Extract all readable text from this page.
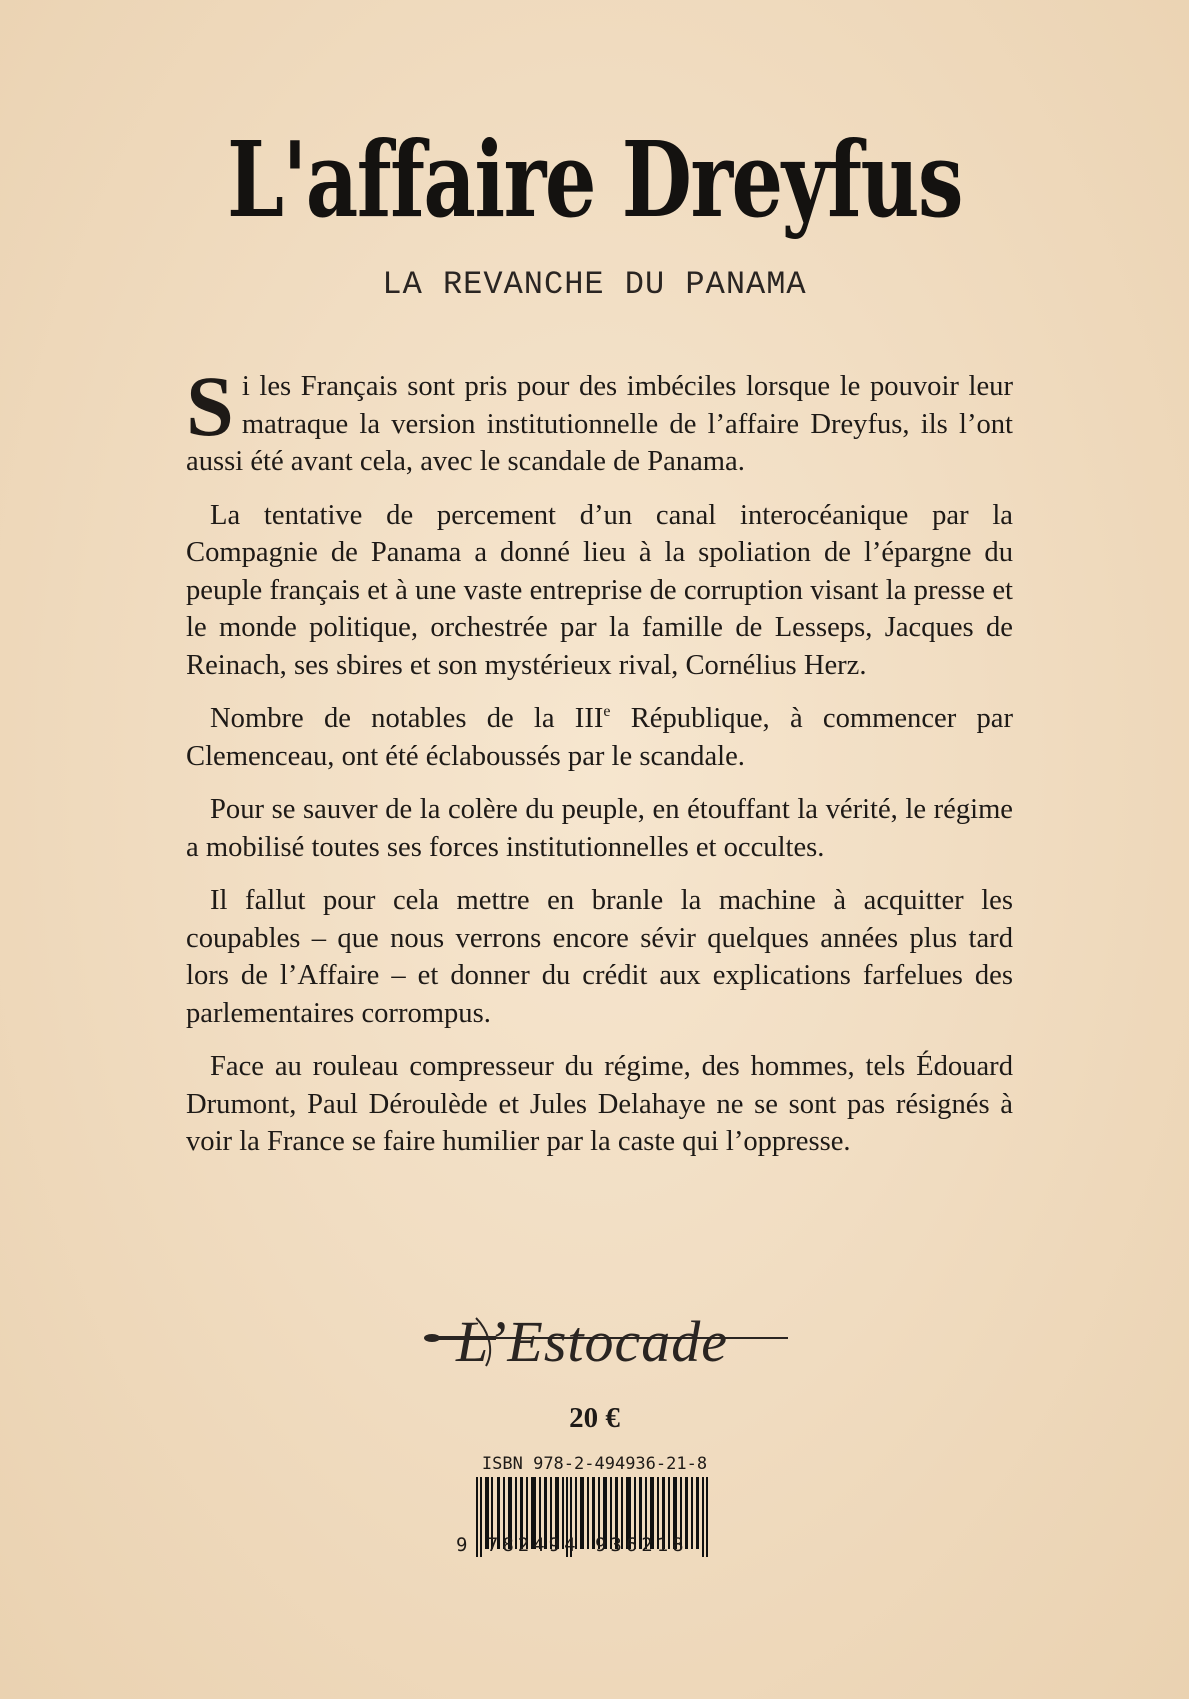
L'affaire Dreyfus
LA REVANCHE DU PANAMA

Si les Français sont pris pour des imbéciles lorsque le pouvoir leur matraque la version institutionnelle de l’affaire Dreyfus, ils l’ont aussi été avant cela, avec le scandale de Panama.

La tentative de percement d’un canal interocéanique par la Compagnie de Panama a donné lieu à la spoliation de l’épargne du peuple français et à une vaste entreprise de corruption visant la presse et le monde politique, orchestrée par la famille de Lesseps, Jacques de Reinach, ses sbires et son mystérieux rival, Cornélius Herz.

Nombre de notables de la IIIe République, à commencer par Clemenceau, ont été éclaboussés par le scandale.

Pour se sauver de la colère du peuple, en étouffant la vérité, le régime a mobilisé toutes ses forces institutionnelles et occultes.

Il fallut pour cela mettre en branle la machine à acquitter les coupables – que nous verrons encore sévir quelques années plus tard lors de l’Affaire – et donner du crédit aux explications farfelues des parlementaires corrompus.

Face au rouleau compresseur du régime, des hommes, tels Édouard Drumont, Paul Déroulède et Jules Delahaye ne se sont pas résignés à voir la France se faire humilier par la caste qui l’oppresse.

L’Estocade
20 €
ISBN 978-2-494936-21-8
9 782494 936218
